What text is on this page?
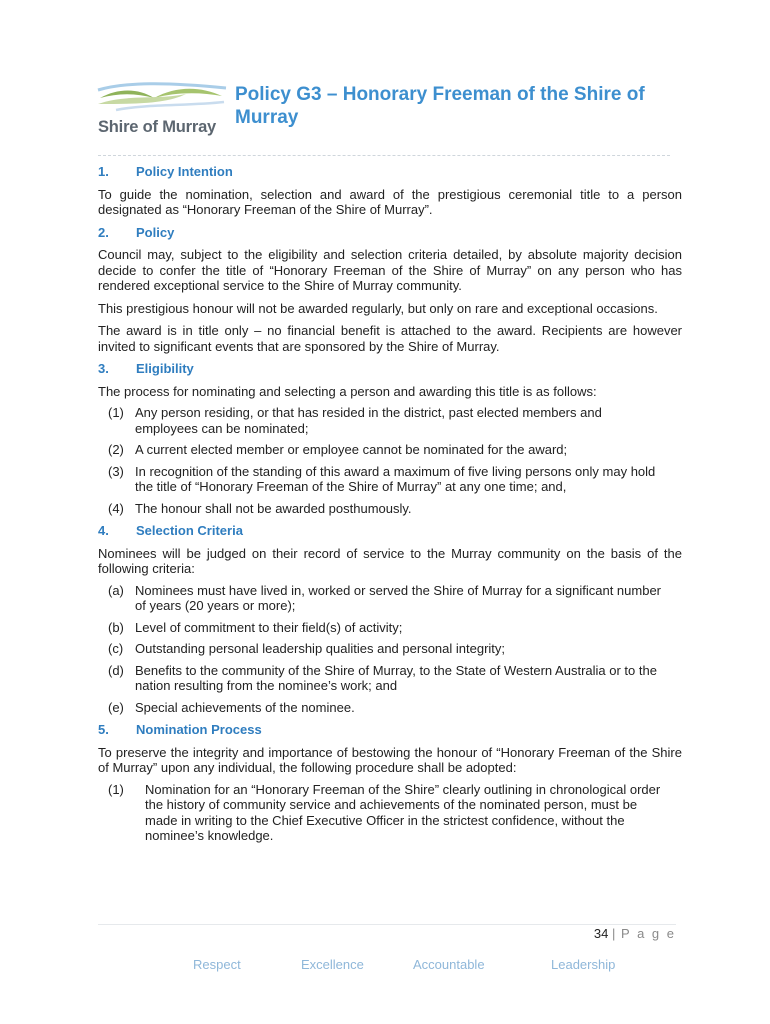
Shire of Murray
Policy G3 – Honorary Freeman of the Shire of Murray
1.	Policy Intention
To guide the nomination, selection and award of the prestigious ceremonial title to a person designated as “Honorary Freeman of the Shire of Murray”.
2.	Policy
Council may, subject to the eligibility and selection criteria detailed, by absolute majority decision decide to confer the title of “Honorary Freeman of the Shire of Murray” on any person who has rendered exceptional service to the Shire of Murray community.
This prestigious honour will not be awarded regularly, but only on rare and exceptional occasions.
The award is in title only – no financial benefit is attached to the award. Recipients are however invited to significant events that are sponsored by the Shire of Murray.
3.	Eligibility
The process for nominating and selecting a person and awarding this title is as follows:
(1) Any person residing, or that has resided in the district, past elected members and employees can be nominated;
(2) A current elected member or employee cannot be nominated for the award;
(3) In recognition of the standing of this award a maximum of five living persons only may hold the title of “Honorary Freeman of the Shire of Murray” at any one time; and,
(4) The honour shall not be awarded posthumously.
4.	Selection Criteria
Nominees will be judged on their record of service to the Murray community on the basis of the following criteria:
(a) Nominees must have lived in, worked or served the Shire of Murray for a significant number of years (20 years or more);
(b) Level of commitment to their field(s) of activity;
(c) Outstanding personal leadership qualities and personal integrity;
(d) Benefits to the community of the Shire of Murray, to the State of Western Australia or to the nation resulting from the nominee’s work; and
(e) Special achievements of the nominee.
5.	Nomination Process
To preserve the integrity and importance of bestowing the honour of “Honorary Freeman of the Shire of Murray” upon any individual, the following procedure shall be adopted:
(1)	Nomination for an “Honorary Freeman of the Shire” clearly outlining in chronological order the history of community service and achievements of the nominated person, must be made in writing to the Chief Executive Officer in the strictest confidence, without the nominee’s knowledge.
34 | P a g e
Respect	Excellence	Accountable	Leadership
